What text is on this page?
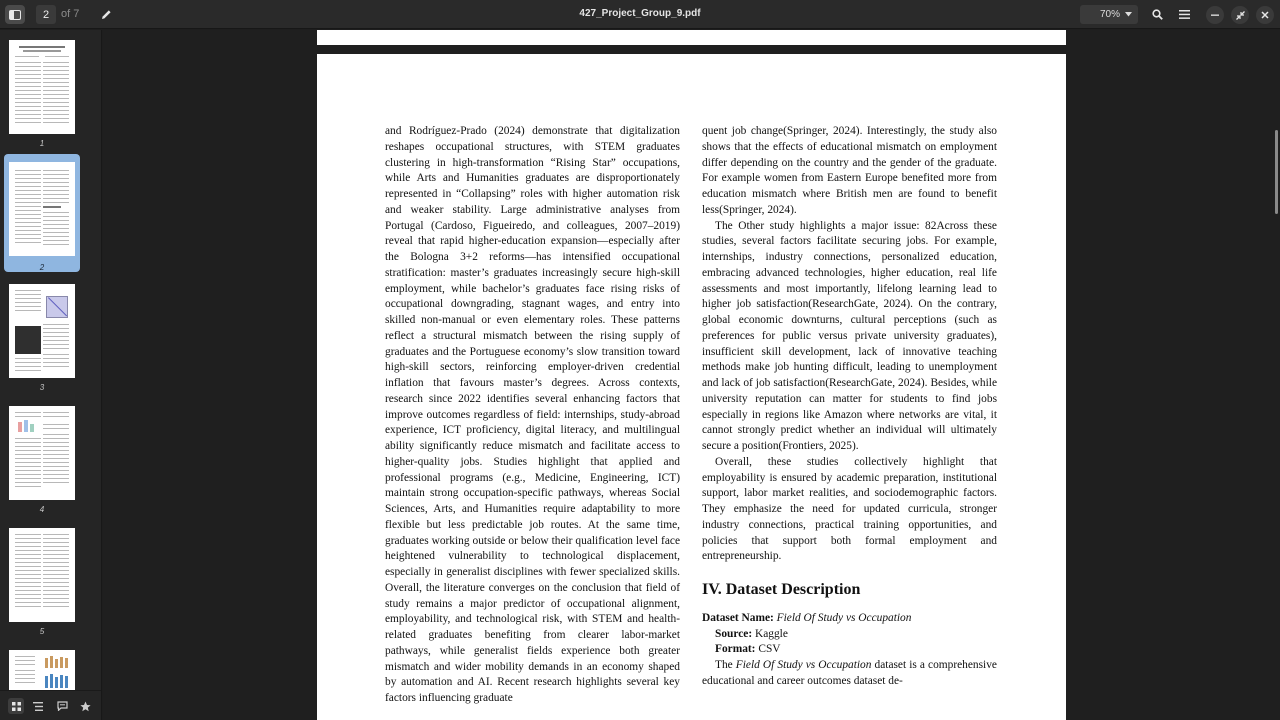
2	of 7	427_Project_Group_9.pdf	70%
1
2
3
4
5

and Rodríguez-Prado (2024) demonstrate that digitalization reshapes occupational structures, with STEM graduates clustering in high-transformation “Rising Star” occupations, while Arts and Humanities graduates are disproportionately represented in “Collapsing” roles with higher automation risk and weaker stability. Large administrative analyses from Portugal (Cardoso, Figueiredo, and colleagues, 2007–2019) reveal that rapid higher-education expansion—especially after the Bologna 3+2 reforms—has intensified occupational stratification: master’s graduates increasingly secure high-skill employment, while bachelor’s graduates face rising risks of occupational downgrading, stagnant wages, and entry into skilled non-manual or even elementary roles. These patterns reflect a structural mismatch between the rising supply of graduates and the Portuguese economy’s slow transition toward high-skill sectors, reinforcing employer-driven credential inflation that favours master’s degrees. Across contexts, research since 2022 identifies several enhancing factors that improve outcomes regardless of field: internships, study-abroad experience, ICT proficiency, digital literacy, and multilingual ability significantly reduce mismatch and facilitate access to higher-quality jobs. Studies highlight that applied and professional programs (e.g., Medicine, Engineering, ICT) maintain strong occupation-specific pathways, whereas Social Sciences, Arts, and Humanities require adaptability to more flexible but less predictable job routes. At the same time, graduates working outside or below their qualification level face heightened vulnerability to technological displacement, especially in generalist disciplines with fewer specialized skills. Overall, the literature converges on the conclusion that field of study remains a major predictor of occupational alignment, employability, and technological risk, with STEM and health-related graduates benefiting from clearer labor-market pathways, while generalist fields experience both greater mismatch and wider mobility demands in an economy shaped by automation and AI. Recent research highlights several key factors influencing graduate

quent job change(Springer, 2024). Interestingly, the study also shows that the effects of educational mismatch on employment differ depending on the country and the gender of the graduate. For example women from Eastern Europe benefited more from education mismatch where British men are found to benefit less(Springer, 2024).

The Other study highlights a major issue: 82Across these studies, several factors facilitate securing jobs. For example, internships, industry connections, personalized education, embracing advanced technologies, higher education, real life assessments and most importantly, lifelong learning lead to higher job satisfaction(ResearchGate, 2024). On the contrary, global economic downturns, cultural perceptions (such as preferences for public versus private university graduates), insufficient skill development, lack of innovative teaching methods make job hunting difficult, leading to unemployment and lack of job satisfaction(ResearchGate, 2024). Besides, while university reputation can matter for students to find jobs especially in regions like Amazon where networks are vital, it cannot strongly predict whether an individual will ultimately secure a position(Frontiers, 2025).

Overall, these studies collectively highlight that employability is ensured by academic preparation, institutional support, labor market realities, and sociodemographic factors. They emphasize the need for updated curricula, stronger industry connections, practical training opportunities, and policies that support both formal employment and entrepreneurship.

IV. Dataset Description
Dataset Name: Field Of Study vs Occupation
Source: Kaggle
Format: CSV

The Field Of Study vs Occupation dataset is a comprehensive educational and career outcomes dataset de-
